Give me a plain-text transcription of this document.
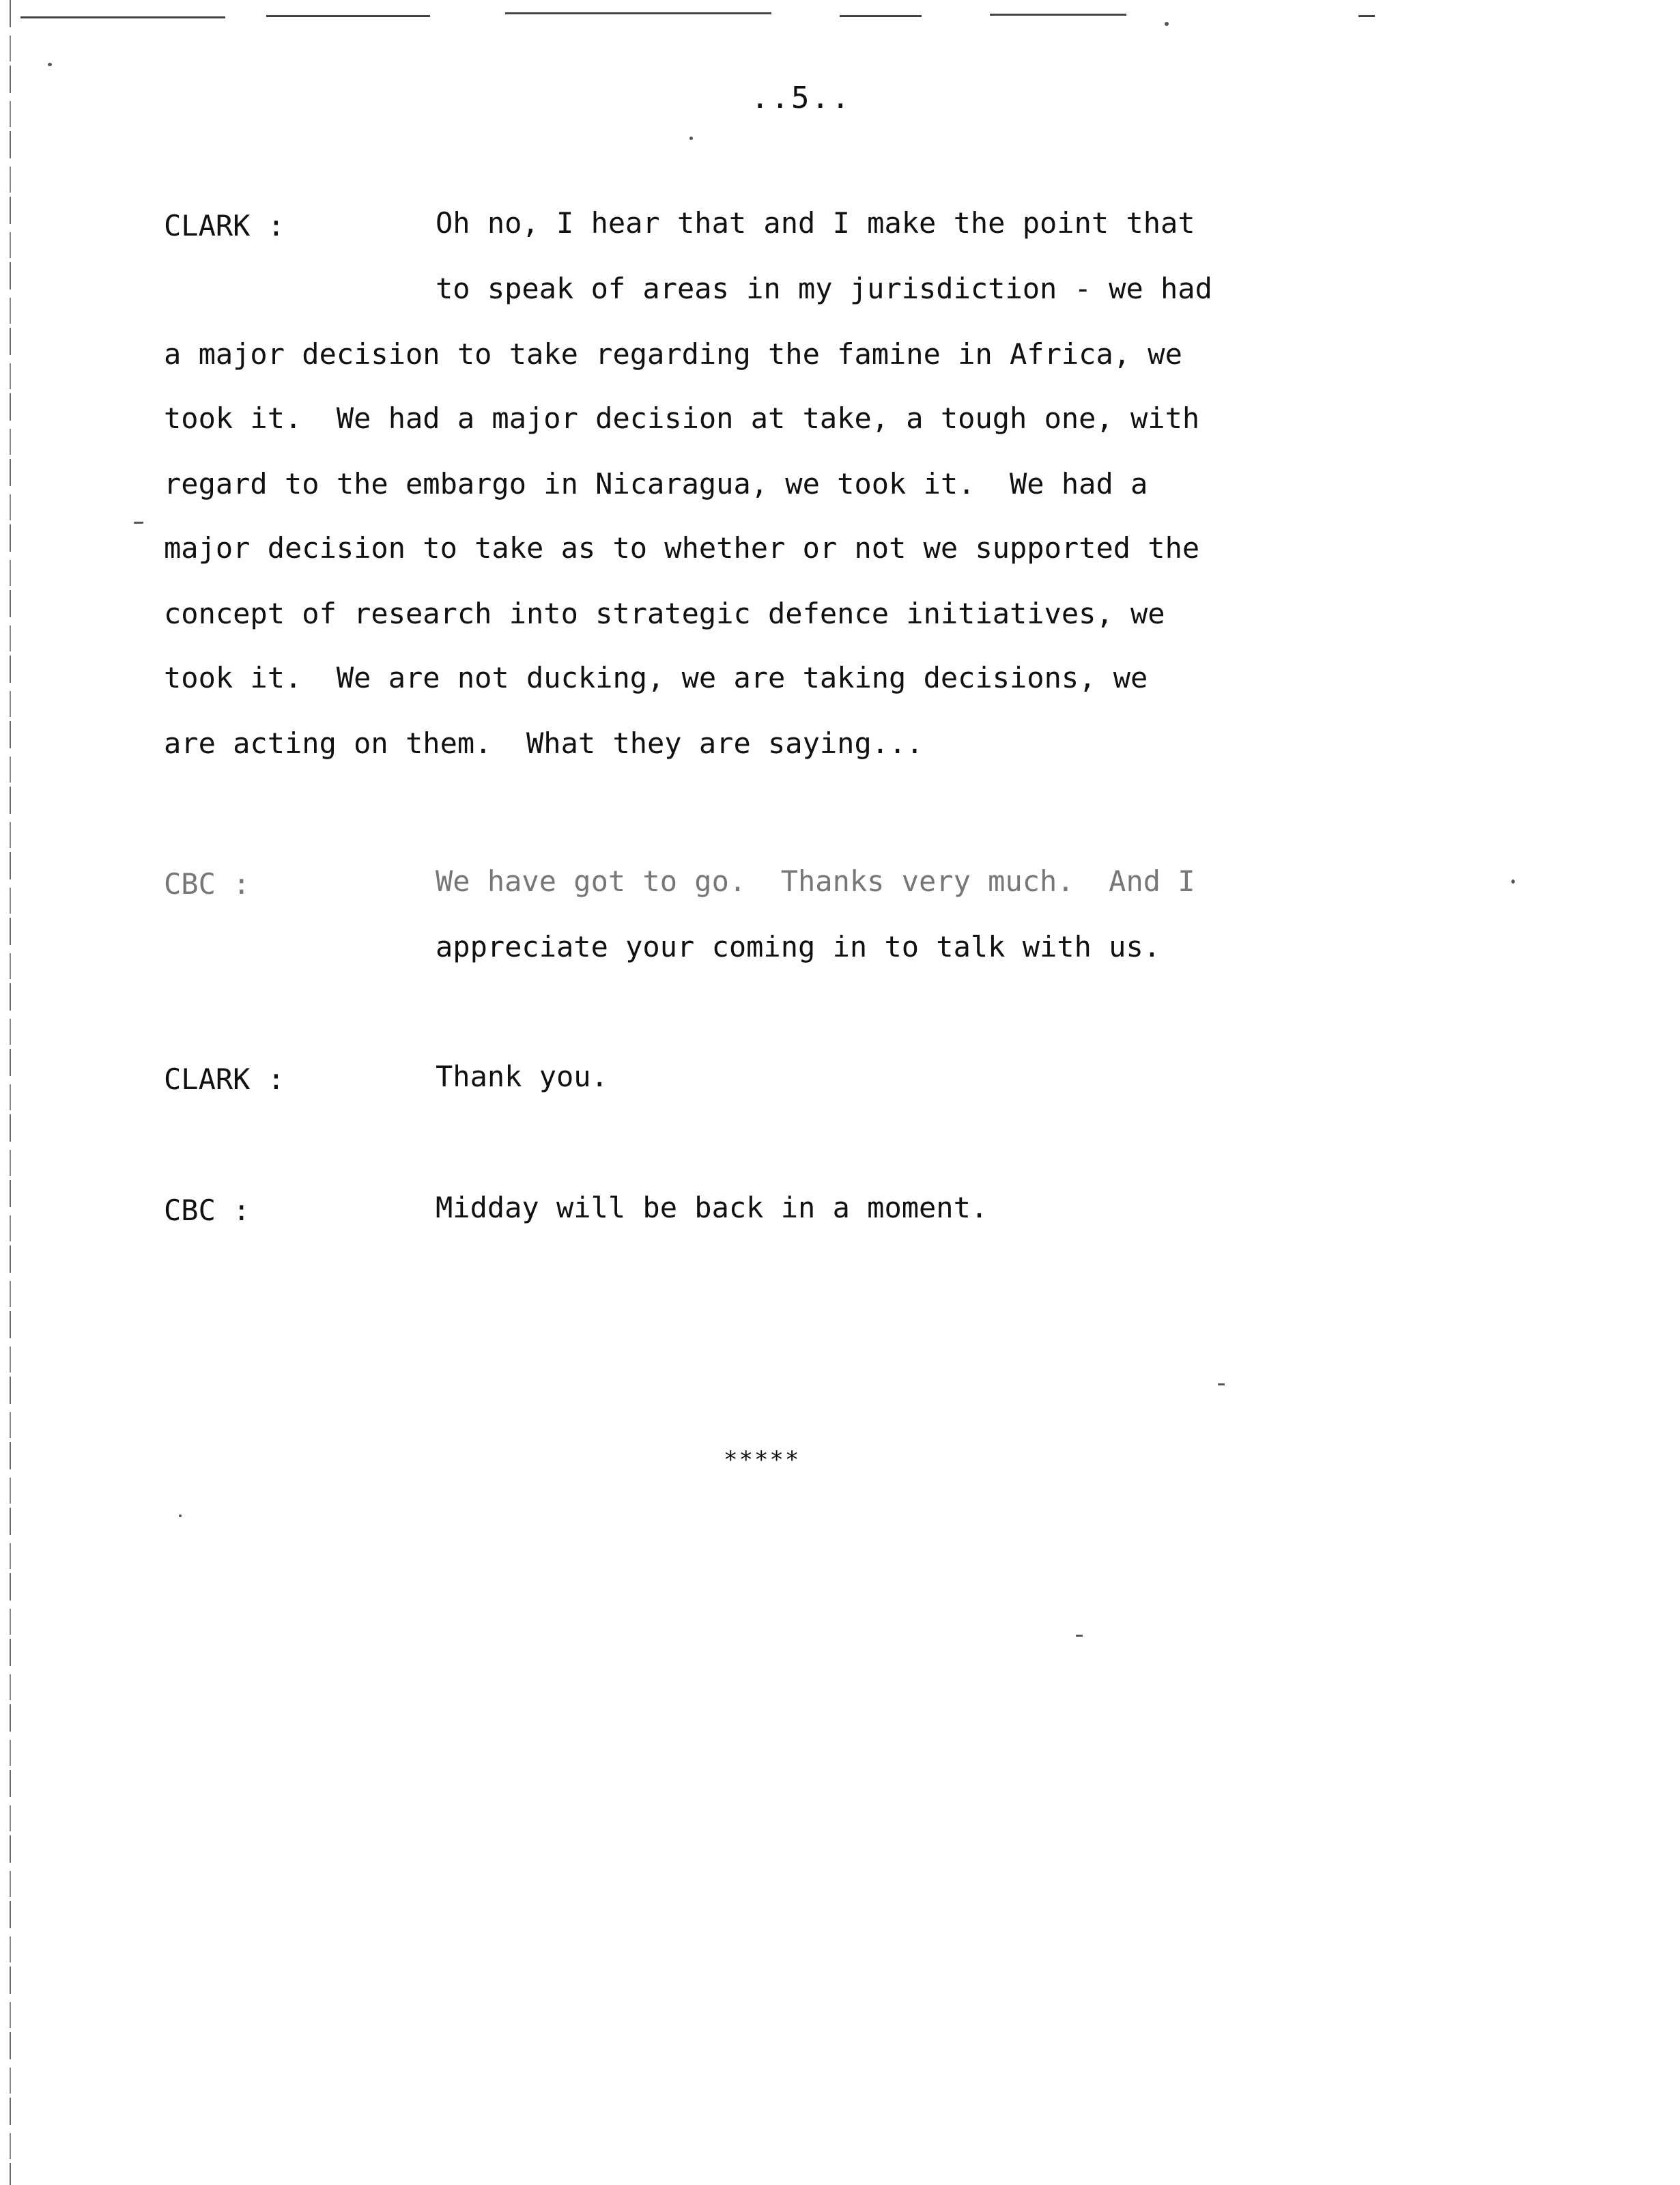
..5..
CLARK :	Oh no, I hear that and I make the point that
to speak of areas in my jurisdiction - we had
a major decision to take regarding the famine in Africa, we
took it.  We had a major decision at take, a tough one, with
regard to the embargo in Nicaragua, we took it.  We had a
major decision to take as to whether or not we supported the
concept of research into strategic defence initiatives, we
took it.  We are not ducking, we are taking decisions, we
are acting on them.  What they are saying...
CBC :	We have got to go.  Thanks very much.  And I
appreciate your coming in to talk with us.
CLARK :	Thank you.
CBC :	Midday will be back in a moment.
*****
